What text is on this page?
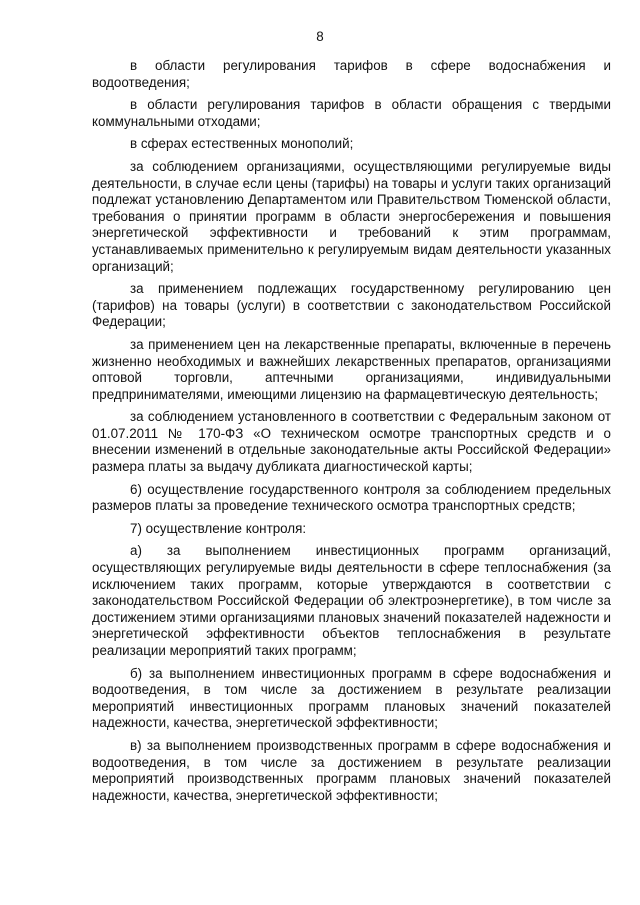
8

в области регулирования тарифов в сфере водоснабжения и водоотведения;

в области регулирования тарифов в области обращения с твердыми коммунальными отходами;

в сферах естественных монополий;

за соблюдением организациями, осуществляющими регулируемые виды деятельности, в случае если цены (тарифы) на товары и услуги таких организаций подлежат установлению Департаментом или Правительством Тюменской области, требования о принятии программ в области энергосбережения и повышения энергетической эффективности и требований к этим программам, устанавливаемых применительно к регулируемым видам деятельности указанных организаций;

за применением подлежащих государственному регулированию цен (тарифов) на товары (услуги) в соответствии с законодательством Российской Федерации;

за применением цен на лекарственные препараты, включенные в перечень жизненно необходимых и важнейших лекарственных препаратов, организациями оптовой торговли, аптечными организациями, индивидуальными предпринимателями, имеющими лицензию на фармацевтическую деятельность;

за соблюдением установленного в соответствии с Федеральным законом от 01.07.2011 № 170-ФЗ «О техническом осмотре транспортных средств и о внесении изменений в отдельные законодательные акты Российской Федерации» размера платы за выдачу дубликата диагностической карты;

6) осуществление государственного контроля за соблюдением предельных размеров платы за проведение технического осмотра транспортных средств;

7) осуществление контроля:

а) за выполнением инвестиционных программ организаций, осуществляющих регулируемые виды деятельности в сфере теплоснабжения (за исключением таких программ, которые утверждаются в соответствии с законодательством Российской Федерации об электроэнергетике), в том числе за достижением этими организациями плановых значений показателей надежности и энергетической эффективности объектов теплоснабжения в результате реализации мероприятий таких программ;

б) за выполнением инвестиционных программ в сфере водоснабжения и водоотведения, в том числе за достижением в результате реализации мероприятий инвестиционных программ плановых значений показателей надежности, качества, энергетической эффективности;

в) за выполнением производственных программ в сфере водоснабжения и водоотведения, в том числе за достижением в результате реализации мероприятий производственных программ плановых значений показателей надежности, качества, энергетической эффективности;
